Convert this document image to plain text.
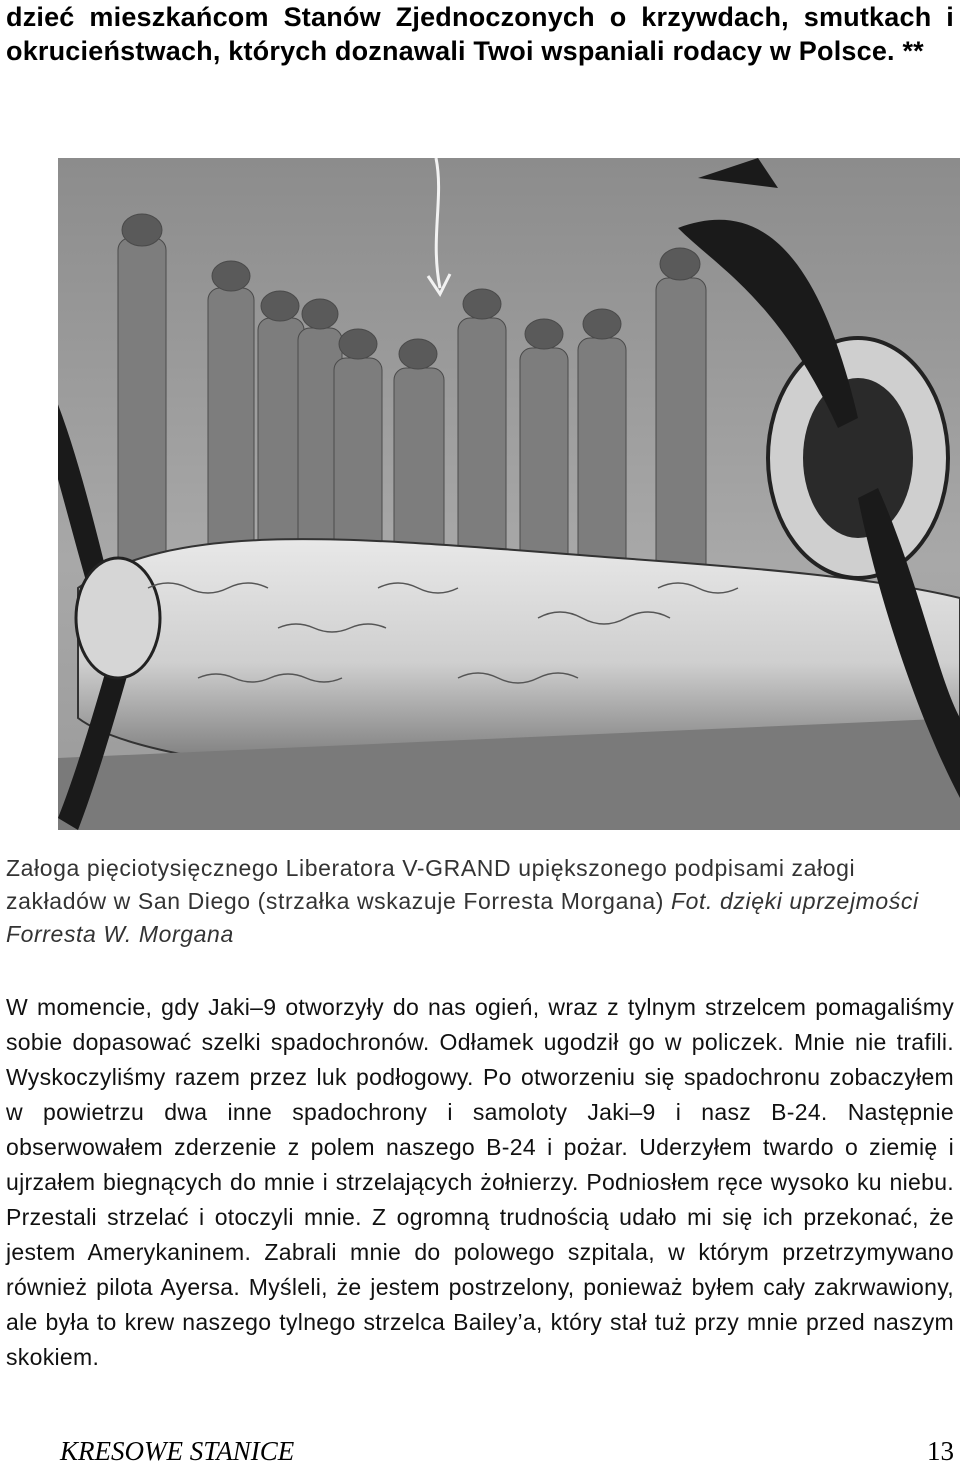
dzieć mieszkańcom Stanów Zjednoczonych o krzywdach, smutkach i okrucieństwach, których doznawali Twoi wspaniali rodacy w Polsce. **

Załoga pięciotysięcznego Liberatora V-GRAND upiększonego podpisami załogi zakładów w San Diego (strzałka wskazuje Forresta Morgana) Fot. dzięki uprzejmości Forresta W. Morgana

W momencie, gdy Jaki–9 otworzyły do nas ogień, wraz z tylnym strzelcem pomagaliśmy sobie dopasować szelki spadochronów. Odłamek ugodził go w policzek. Mnie nie trafili. Wyskoczyliśmy razem przez luk podłogowy. Po otworzeniu się spadochronu zobaczyłem w powietrzu dwa inne spadochrony i samoloty Jaki–9 i nasz B-24. Następnie obserwowałem zderzenie z polem naszego B-24 i pożar. Uderzyłem twardo o ziemię i ujrzałem biegnących do mnie i strzelających żołnierzy. Podniosłem ręce wysoko ku niebu. Przestali strzelać i otoczyli mnie. Z ogromną trudnością udało mi się ich przekonać, że jestem Amerykaninem. Zabrali mnie do polowego szpitala, w którym przetrzymywano również pilota Ayersa. Myśleli, że jestem postrzelony, ponieważ byłem cały zakrwawiony, ale była to krew naszego tylnego strzelca Bailey’a, który stał tuż przy mnie przed naszym skokiem.

KRESOWE STANICE	13
